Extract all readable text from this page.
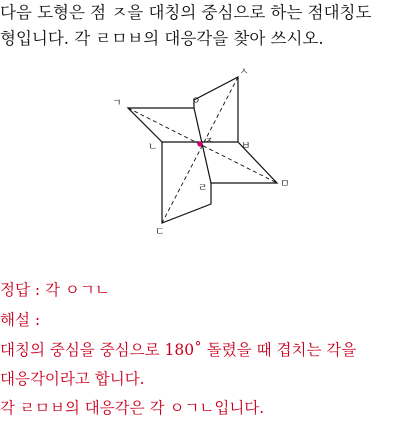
다음 도형은 점 ㅈ을 대칭의 중심으로 하는 점대칭도
형입니다. 각 ㄹㅁㅂ의 대응각을 찾아 쓰시오.
ㄱ
ㄴ
ㄷ
ㄹ	ㅁ
ㅂ
ㅅ
ㅇ
ㅈ
정답 : 각 ㅇㄱㄴ
해설 :
대칭의 중심을 중심으로 180˚ 돌렸을 때 겹치는 각을
대응각이라고 합니다.
각 ㄹㅁㅂ의 대응각은 각 ㅇㄱㄴ입니다.
